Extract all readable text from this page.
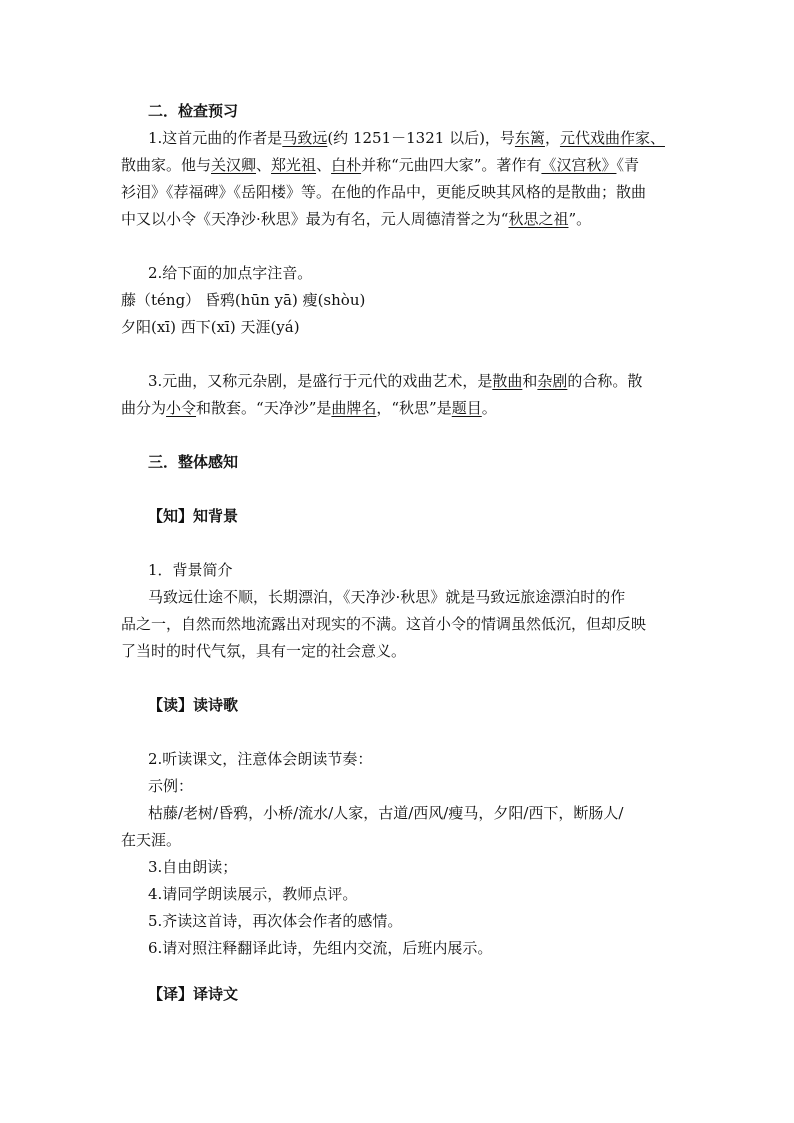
二．检查预习
1.这首元曲的作者是马致远(约 1251－1321 以后)，号东篱，元代戏曲作家、
散曲家。他与关汉卿、郑光祖、白朴并称“元曲四大家”。著作有《汉宫秋》《青
衫泪》《荐福碑》《岳阳楼》等。在他的作品中，更能反映其风格的是散曲；散曲
中又以小令《天净沙·秋思》最为有名，元人周德清誉之为“秋思之祖”。
2.给下面的加点字注音。
藤（téng） 昏鸦(hūn yā) 瘦(shòu)
夕阳(xī) 西下(xī) 天涯(yá)
3.元曲，又称元杂剧，是盛行于元代的戏曲艺术，是散曲和杂剧的合称。散
曲分为小令和散套。“天净沙”是曲牌名，“秋思”是题目。
三．整体感知
【知】知背景
1．背景简介
马致远仕途不顺，长期漂泊，《天净沙·秋思》就是马致远旅途漂泊时的作
品之一，自然而然地流露出对现实的不满。这首小令的情调虽然低沉，但却反映
了当时的时代气氛，具有一定的社会意义。
【读】读诗歌
2.听读课文，注意体会朗读节奏：
示例：
枯藤/老树/昏鸦，小桥/流水/人家，古道/西风/瘦马，夕阳/西下，断肠人/
在天涯。
3.自由朗读；
4.请同学朗读展示，教师点评。
5.齐读这首诗，再次体会作者的感情。
6.请对照注释翻译此诗，先组内交流，后班内展示。
【译】译诗文
